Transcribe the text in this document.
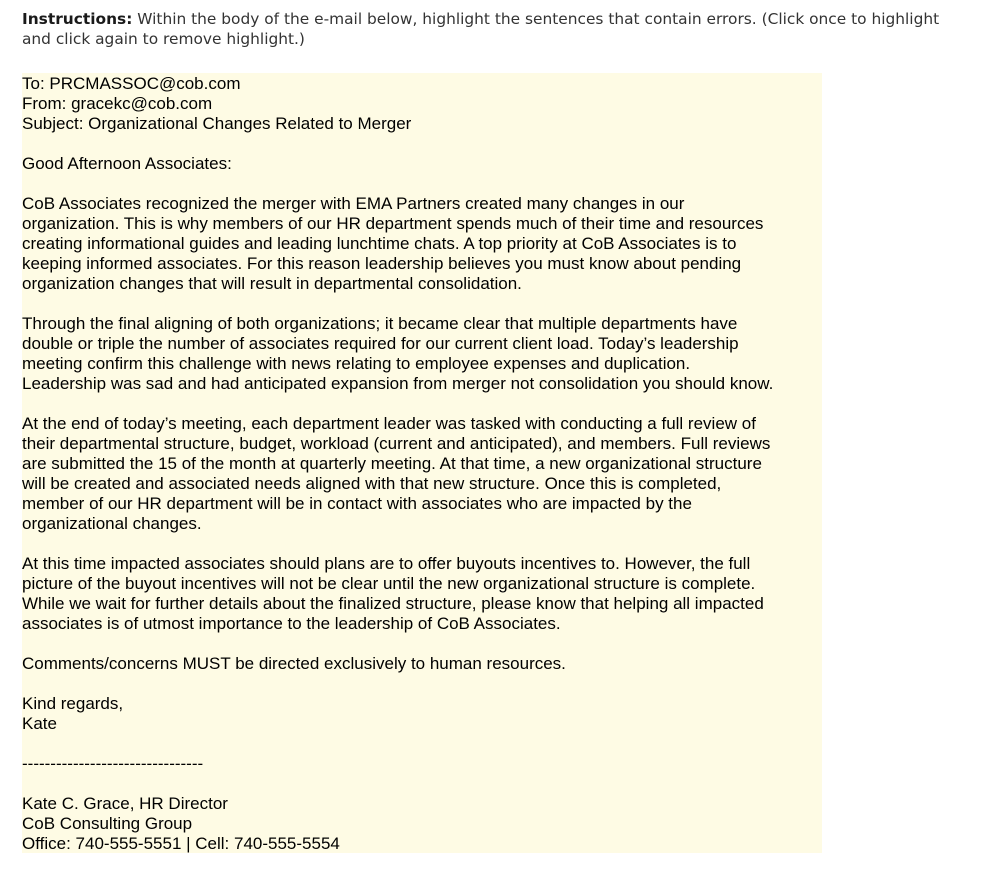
Instructions: Within the body of the e-mail below, highlight the sentences that contain errors. (Click once to highlight and click again to remove highlight.)
To: PRCMASSOC@cob.com
From: gracekc@cob.com
Subject: Organizational Changes Related to Merger
Good Afternoon Associates:
CoB Associates recognized the merger with EMA Partners created many changes in our
organization. This is why members of our HR department spends much of their time and resources
creating informational guides and leading lunchtime chats. A top priority at CoB Associates is to
keeping informed associates. For this reason leadership believes you must know about pending
organization changes that will result in departmental consolidation.
Through the final aligning of both organizations; it became clear that multiple departments have
double or triple the number of associates required for our current client load. Today’s leadership
meeting confirm this challenge with news relating to employee expenses and duplication.
Leadership was sad and had anticipated expansion from merger not consolidation you should know.
At the end of today’s meeting, each department leader was tasked with conducting a full review of
their departmental structure, budget, workload (current and anticipated), and members. Full reviews
are submitted the 15 of the month at quarterly meeting. At that time, a new organizational structure
will be created and associated needs aligned with that new structure. Once this is completed,
member of our HR department will be in contact with associates who are impacted by the
organizational changes.
At this time impacted associates should plans are to offer buyouts incentives to. However, the full
picture of the buyout incentives will not be clear until the new organizational structure is complete.
While we wait for further details about the finalized structure, please know that helping all impacted
associates is of utmost importance to the leadership of CoB Associates.
Comments/concerns MUST be directed exclusively to human resources.
Kind regards,
Kate
--------------------------------
Kate C. Grace, HR Director
CoB Consulting Group
Office: 740-555-5551 | Cell: 740-555-5554
